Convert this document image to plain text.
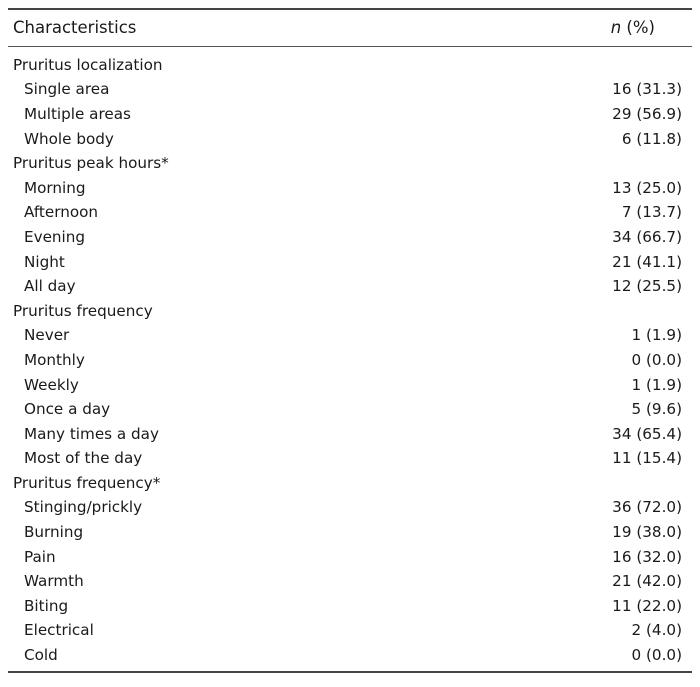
Characteristics	n (%)
Pruritus localization
Single area	16 (31.3)
Multiple areas	29 (56.9)
Whole body	6 (11.8)
Pruritus peak hours*
Morning	13 (25.0)
Afternoon	7 (13.7)
Evening	34 (66.7)
Night	21 (41.1)
All day	12 (25.5)
Pruritus frequency
Never	1 (1.9)
Monthly	0 (0.0)
Weekly	1 (1.9)
Once a day	5 (9.6)
Many times a day	34 (65.4)
Most of the day	11 (15.4)
Pruritus frequency*
Stinging/prickly	36 (72.0)
Burning	19 (38.0)
Pain	16 (32.0)
Warmth	21 (42.0)
Biting	11 (22.0)
Electrical	2 (4.0)
Cold	0 (0.0)
